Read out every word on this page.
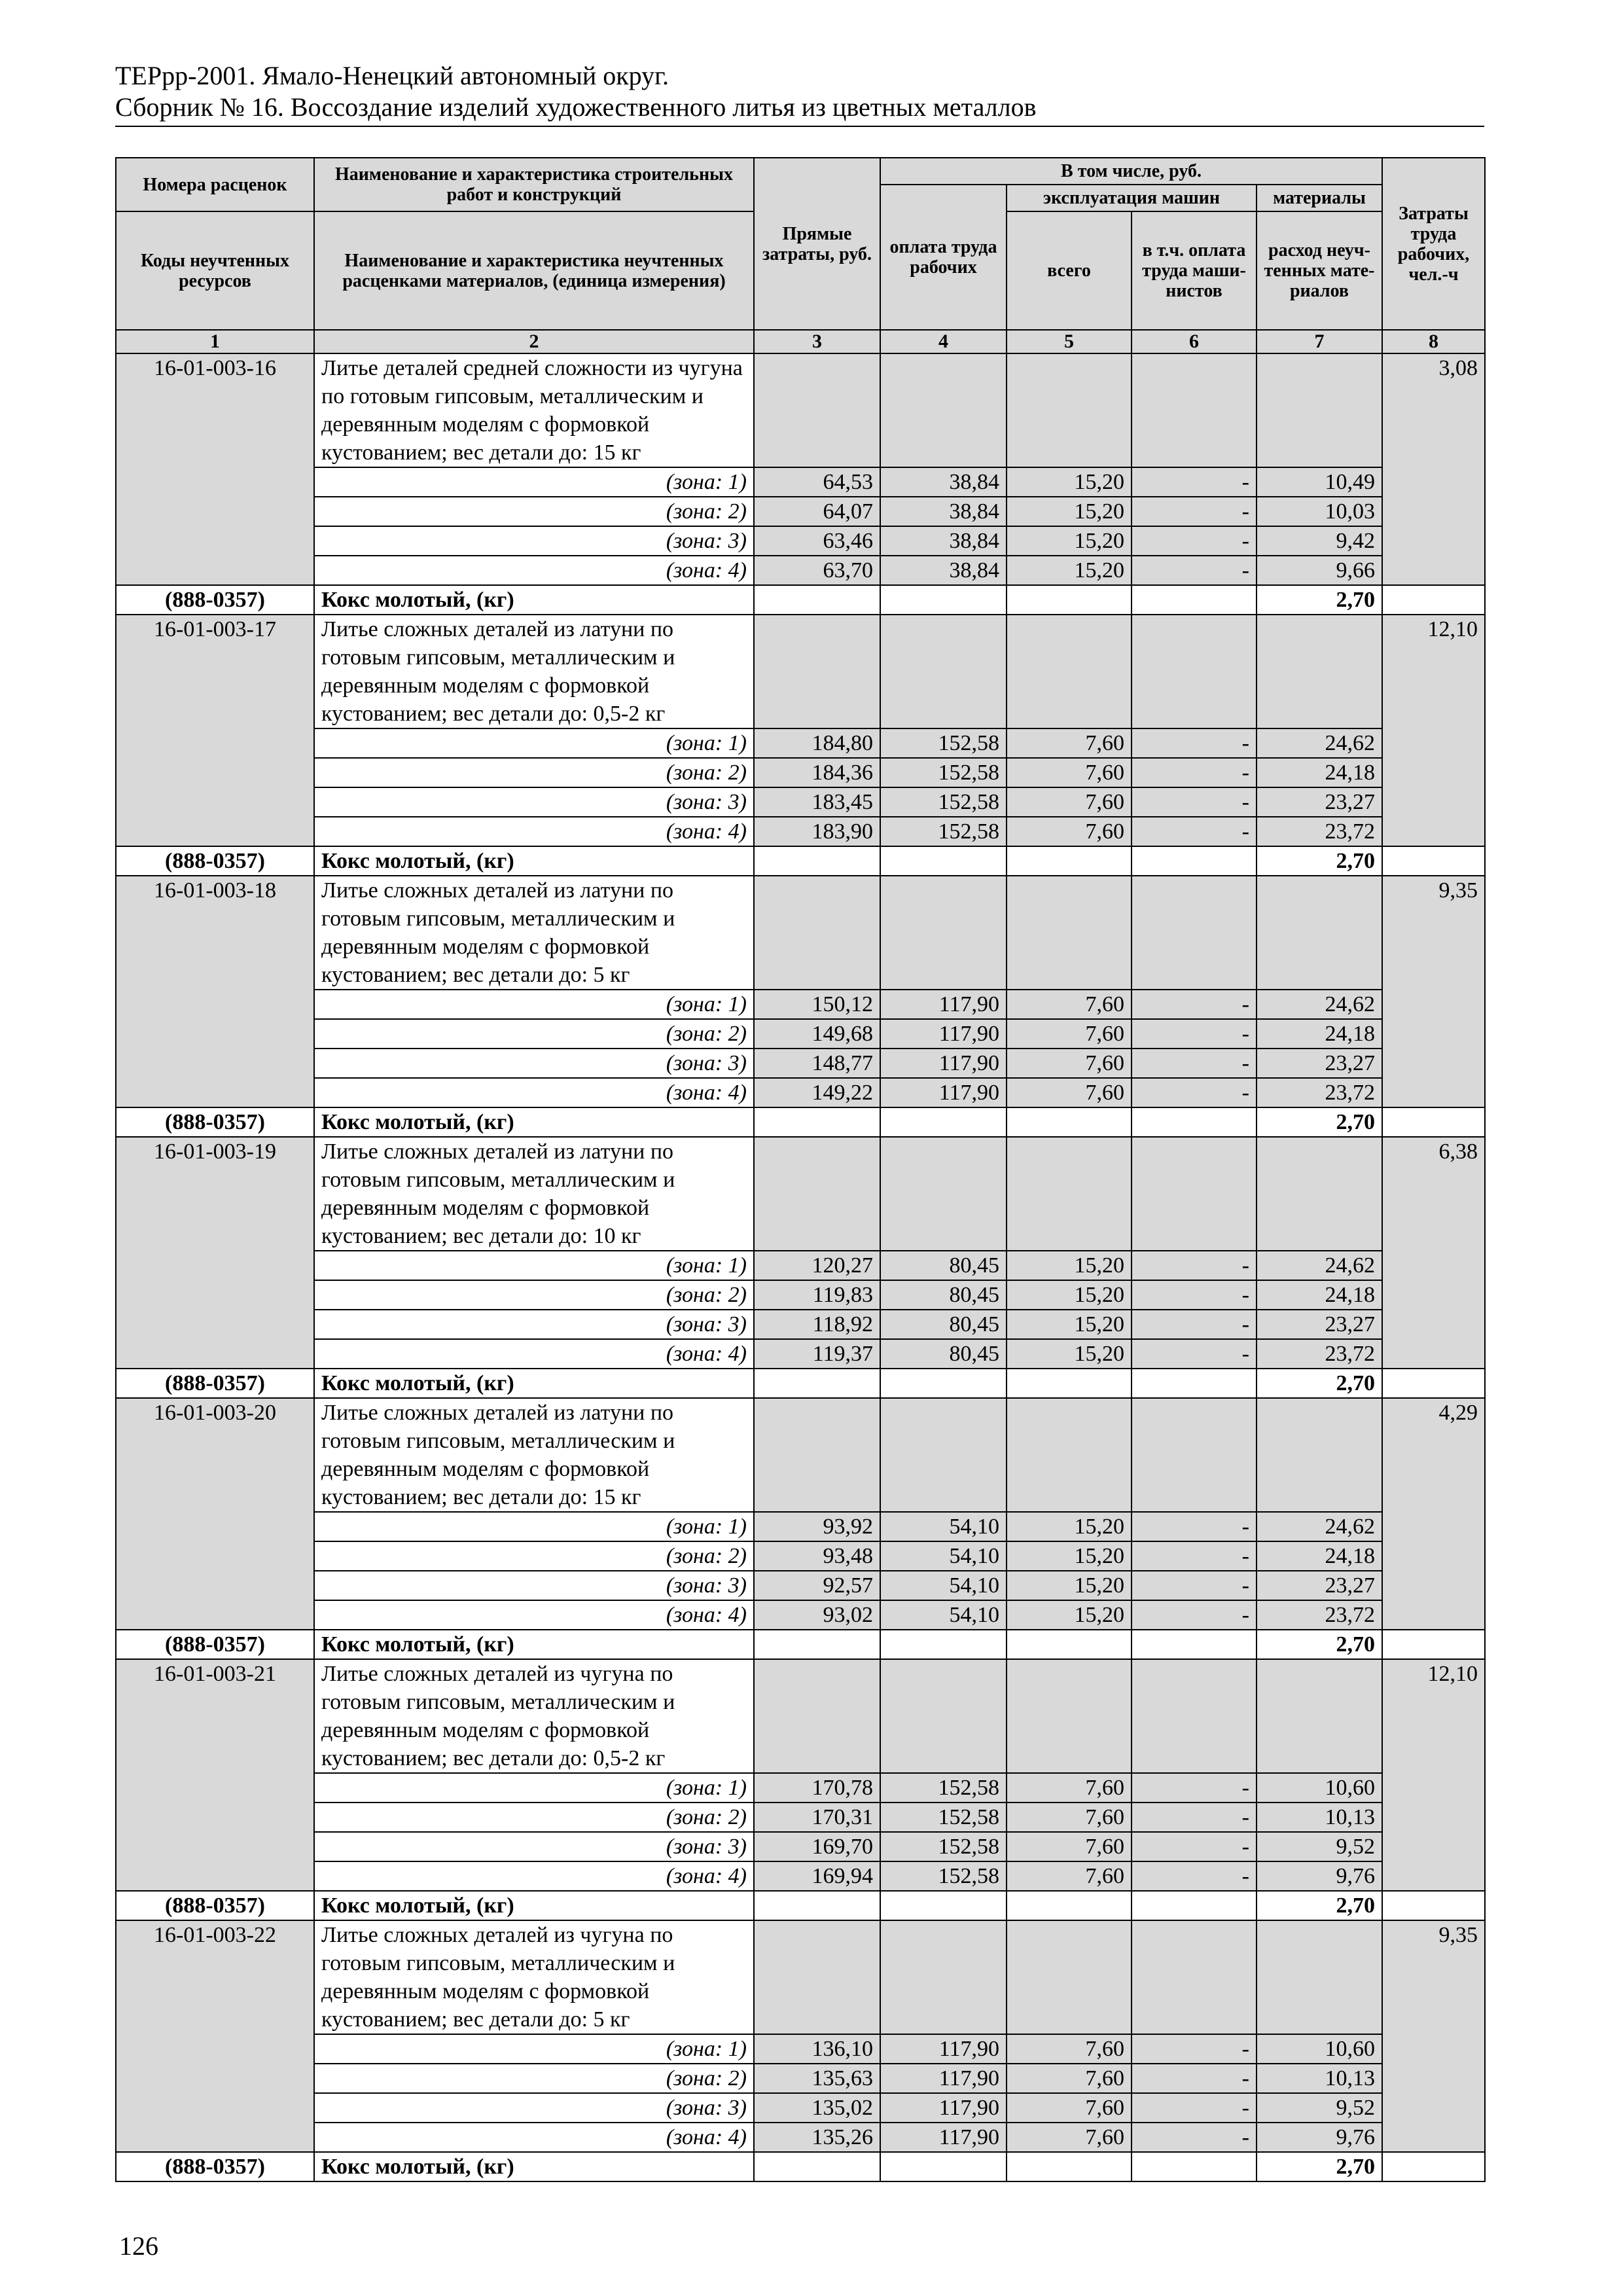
ТЕРрр-2001. Ямало-Ненецкий автономный округ.
Сборник № 16. Воссоздание изделий художественного литья из цветных металлов
Номера расценок	Наименование и характеристика строительных работ и конструкций	Прямые затраты, руб.	В том числе, руб.				Затраты труда рабочих, чел.-ч
			оплата труда рабочих	эксплуатация машин		материалы	
Коды неучтенных ресурсов	Наименование и характеристика неучтенных расценками материалов, (единица измерения)			всего	в т.ч. оплата труда маши-нистов	расход неуч-тенных мате-риалов	

1	2	3	4	5	6	7	8
16-01-003-16	Литье деталей средней сложности из чугуна по готовым гипсовым, металлическим и деревянным моделям с формовкой кустованием; вес детали до: 15 кг						3,08
	(зона: 1)	64,53	38,84	15,20	-	10,49	
	(зона: 2)	64,07	38,84	15,20	-	10,03	
	(зона: 3)	63,46	38,84	15,20	-	9,42	
	(зона: 4)	63,70	38,84	15,20	-	9,66	
(888-0357)	Кокс молотый, (кг)					2,70	
16-01-003-17	Литье сложных деталей из латуни по готовым гипсовым, металлическим и деревянным моделям с формовкой кустованием; вес детали до: 0,5-2 кг						12,10
	(зона: 1)	184,80	152,58	7,60	-	24,62	
	(зона: 2)	184,36	152,58	7,60	-	24,18	
	(зона: 3)	183,45	152,58	7,60	-	23,27	
	(зона: 4)	183,90	152,58	7,60	-	23,72	
(888-0357)	Кокс молотый, (кг)					2,70	
16-01-003-18	Литье сложных деталей из латуни по готовым гипсовым, металлическим и деревянным моделям с формовкой кустованием; вес детали до: 5 кг						9,35
	(зона: 1)	150,12	117,90	7,60	-	24,62	
	(зона: 2)	149,68	117,90	7,60	-	24,18	
	(зона: 3)	148,77	117,90	7,60	-	23,27	
	(зона: 4)	149,22	117,90	7,60	-	23,72	
(888-0357)	Кокс молотый, (кг)					2,70	
16-01-003-19	Литье сложных деталей из латуни по готовым гипсовым, металлическим и деревянным моделям с формовкой кустованием; вес детали до: 10 кг						6,38
	(зона: 1)	120,27	80,45	15,20	-	24,62	
	(зона: 2)	119,83	80,45	15,20	-	24,18	
	(зона: 3)	118,92	80,45	15,20	-	23,27	
	(зона: 4)	119,37	80,45	15,20	-	23,72	
(888-0357)	Кокс молотый, (кг)					2,70	
16-01-003-20	Литье сложных деталей из латуни по готовым гипсовым, металлическим и деревянным моделям с формовкой кустованием; вес детали до: 15 кг						4,29
	(зона: 1)	93,92	54,10	15,20	-	24,62	
	(зона: 2)	93,48	54,10	15,20	-	24,18	
	(зона: 3)	92,57	54,10	15,20	-	23,27	
	(зона: 4)	93,02	54,10	15,20	-	23,72	
(888-0357)	Кокс молотый, (кг)					2,70	
16-01-003-21	Литье сложных деталей из чугуна по готовым гипсовым, металлическим и деревянным моделям с формовкой кустованием; вес детали до: 0,5-2 кг						12,10
	(зона: 1)	170,78	152,58	7,60	-	10,60	
	(зона: 2)	170,31	152,58	7,60	-	10,13	
	(зона: 3)	169,70	152,58	7,60	-	9,52	
	(зона: 4)	169,94	152,58	7,60	-	9,76	
(888-0357)	Кокс молотый, (кг)					2,70	
16-01-003-22	Литье сложных деталей из чугуна по готовым гипсовым, металлическим и деревянным моделям с формовкой кустованием; вес детали до: 5 кг						9,35
	(зона: 1)	136,10	117,90	7,60	-	10,60	
	(зона: 2)	135,63	117,90	7,60	-	10,13	
	(зона: 3)	135,02	117,90	7,60	-	9,52	
	(зона: 4)	135,26	117,90	7,60	-	9,76	
(888-0357)	Кокс молотый, (кг)					2,70	
126
